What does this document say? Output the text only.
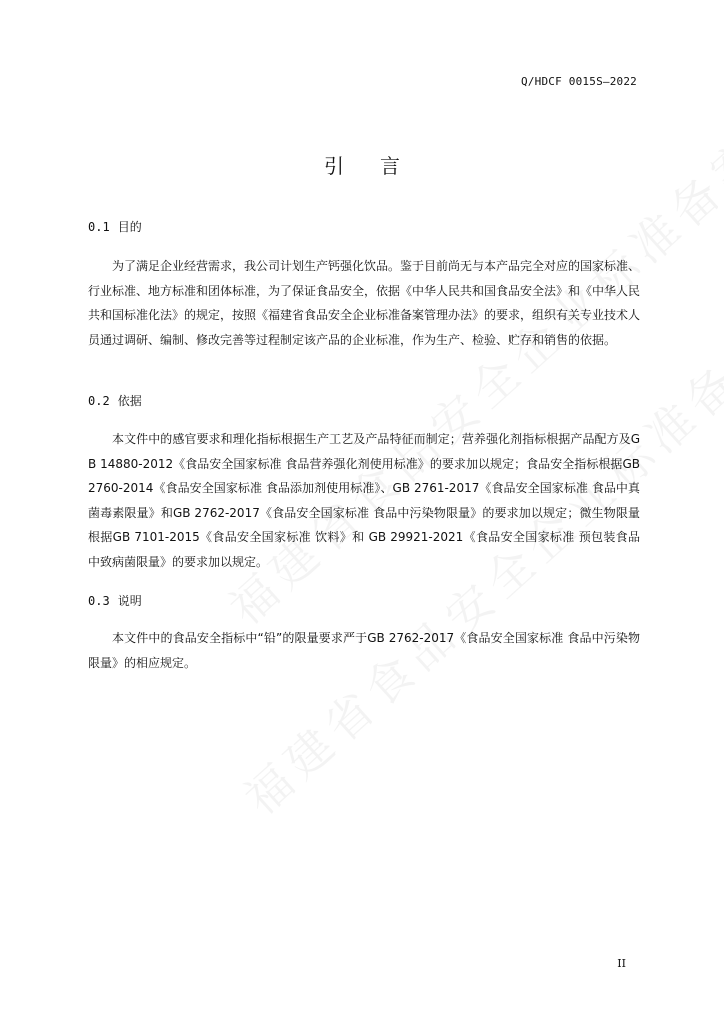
Q/HDCF 0015S—2022
引言
0.1 目的
为了满足企业经营需求，我公司计划生产钙强化饮品。鉴于目前尚无与本产品完全对应的国家标准、行业标准、地方标准和团体标准，为了保证食品安全，依据《中华人民共和国食品安全法》和《中华人民共和国标准化法》的规定，按照《福建省食品安全企业标准备案管理办法》的要求，组织有关专业技术人员通过调研、编制、修改完善等过程制定该产品的企业标准，作为生产、检验、贮存和销售的依据。
0.2 依据
本文件中的感官要求和理化指标根据生产工艺及产品特征而制定；营养强化剂指标根据产品配方及GB 14880-2012《食品安全国家标准 食品营养强化剂使用标准》的要求加以规定；食品安全指标根据GB 2760-2014《食品安全国家标准 食品添加剂使用标准》、GB 2761-2017《食品安全国家标准 食品中真菌毒素限量》和GB 2762-2017《食品安全国家标准 食品中污染物限量》的要求加以规定；微生物限量根据GB 7101-2015《食品安全国家标准 饮料》和 GB 29921-2021《食品安全国家标准 预包装食品中致病菌限量》的要求加以规定。
0.3 说明
本文件中的食品安全指标中“铅”的限量要求严于GB 2762-2017《食品安全国家标准 食品中污染物限量》的相应规定。
II
